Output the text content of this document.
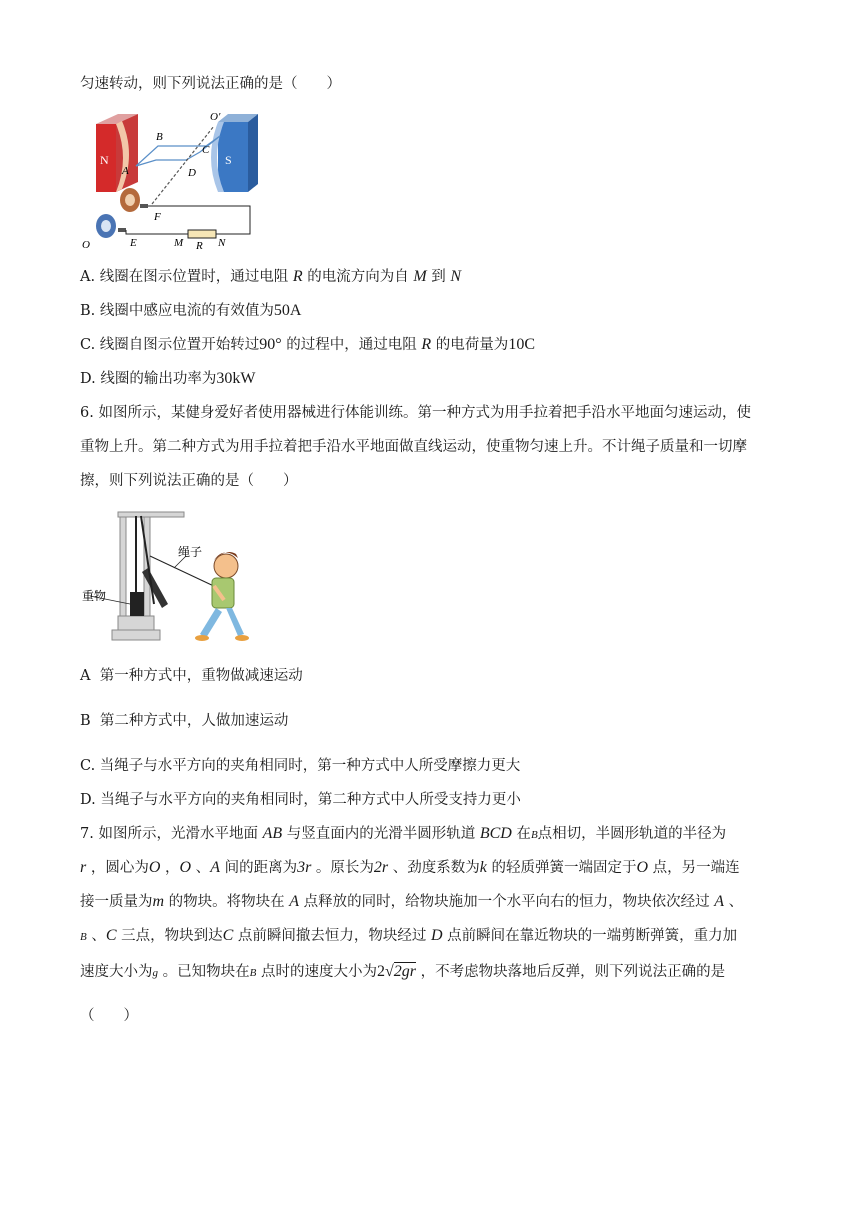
匀速转动，则下列说法正确的是（　　）
N	S
B
A
C
D
O′
F
E	M R N
O
A. 线圈在图示位置时，通过电阻 R 的电流方向为自 M 到 N
B. 线圈中感应电流的有效值为50A
C. 线圈自图示位置开始转过90° 的过程中，通过电阻 R 的电荷量为10C
D. 线圈的输出功率为30kW
6. 如图所示，某健身爱好者使用器械进行体能训练。第一种方式为用手拉着把手沿水平地面匀速运动，使
重物上升。第二种方式为用手拉着把手沿水平地面做直线运动，使重物匀速上升。不计绳子质量和一切摩
擦，则下列说法正确的是（　　）
绳子
重物
A 第一种方式中，重物做减速运动
B 第二种方式中，人做加速运动
C. 当绳子与水平方向的夹角相同时，第一种方式中人所受摩擦力更大
D. 当绳子与水平方向的夹角相同时，第二种方式中人所受支持力更小
7. 如图所示，光滑水平地面 AB 与竖直面内的光滑半圆形轨道 BCD 在B点相切，半圆形轨道的半径为
r ，圆心为O ，O 、A 间的距离为3r 。原长为2r 、劲度系数为k 的轻质弹簧一端固定于O 点，另一端连
接一质量为m 的物块。将物块在 A 点释放的同时，给物块施加一个水平向右的恒力，物块依次经过 A 、
B 、C 三点，物块到达C 点前瞬间撤去恒力，物块经过 D 点前瞬间在靠近物块的一端剪断弹簧，重力加
速度大小为g 。已知物块在B 点时的速度大小为2√2gr ，不考虑物块落地后反弹，则下列说法正确的是
（　　）
